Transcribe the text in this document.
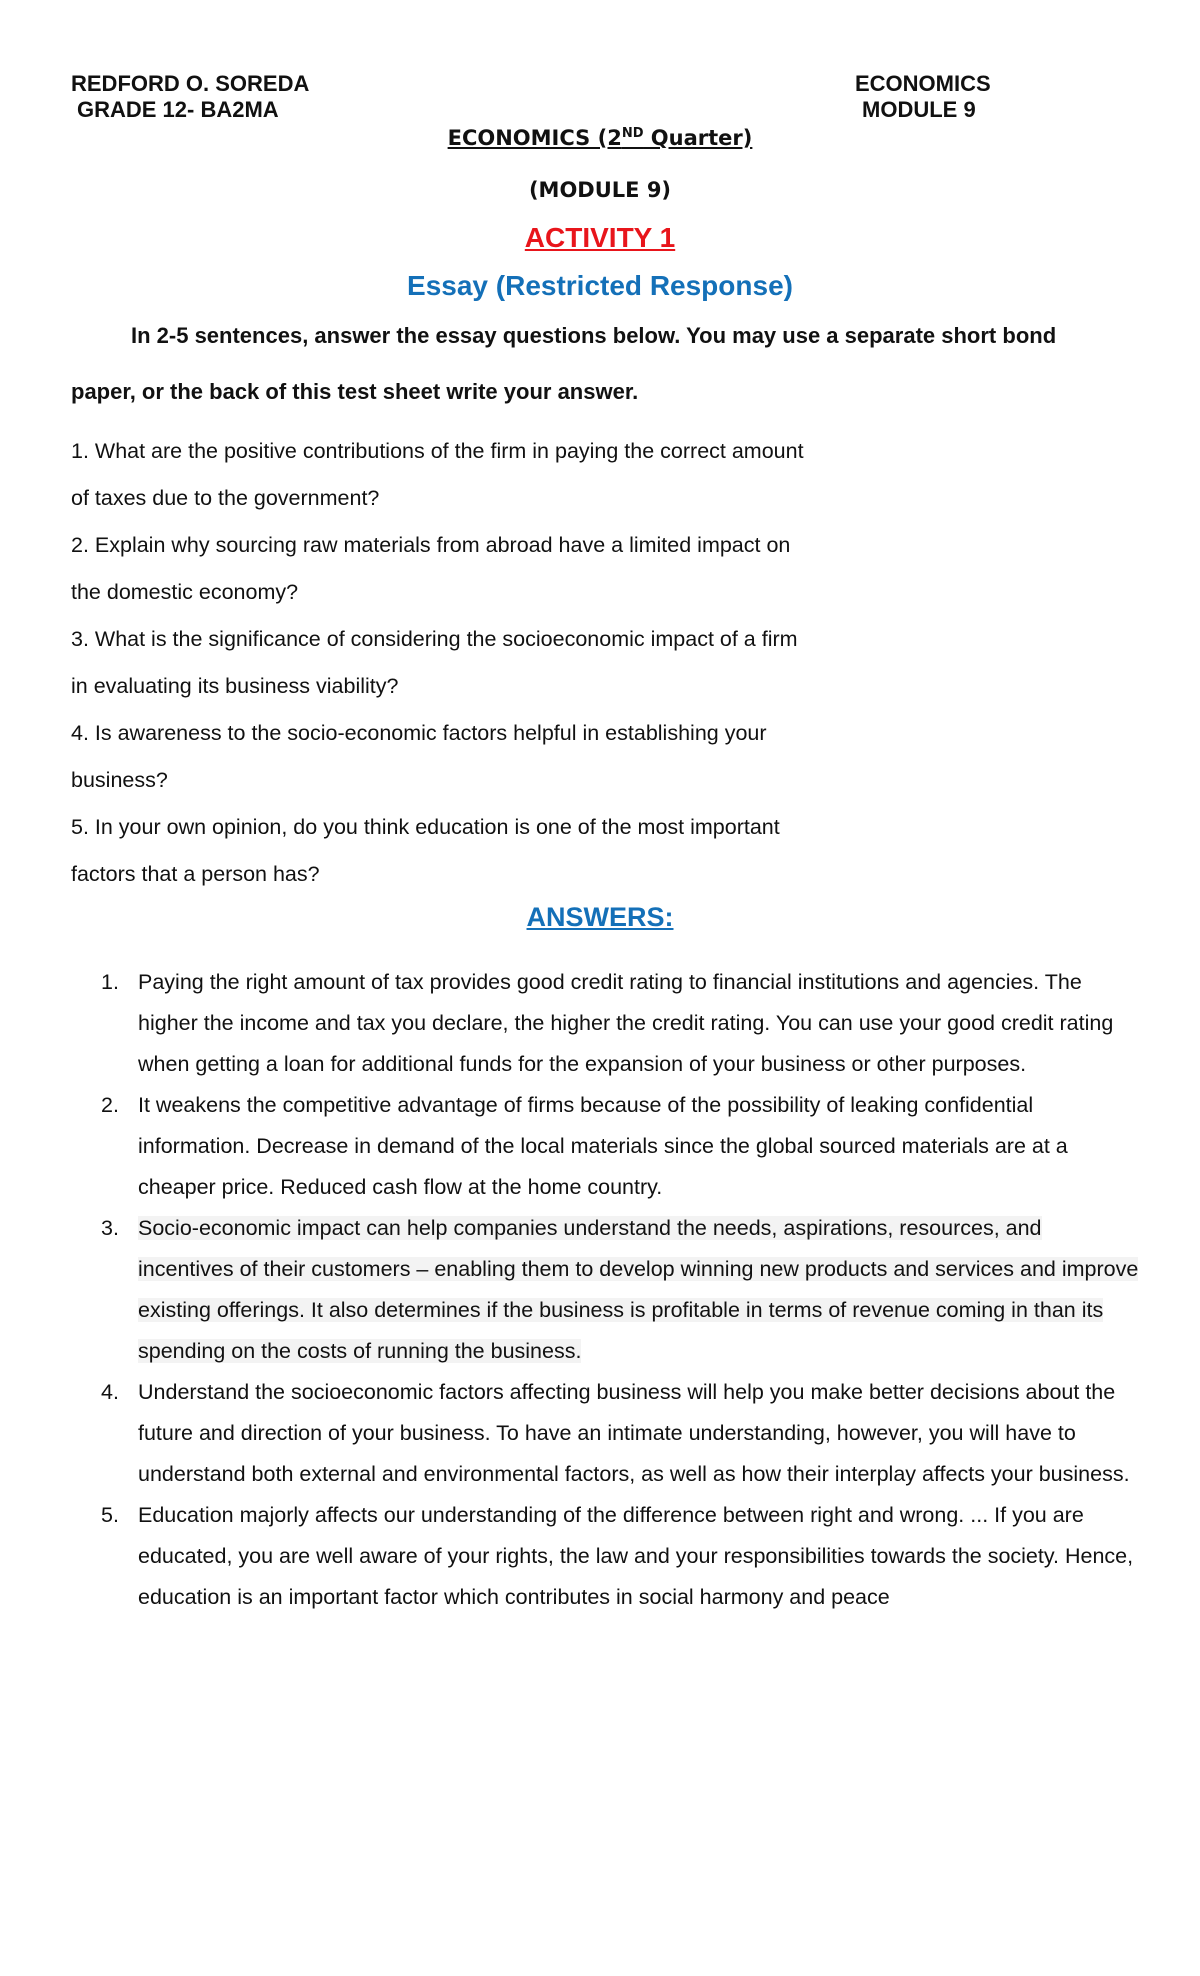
REDFORD O. SOREDA
GRADE 12- BA2MA
ECONOMICS
MODULE 9
ECONOMICS (2ND Quarter)
(MODULE 9)
ACTIVITY 1
Essay (Restricted Response)
In 2-5 sentences, answer the essay questions below. You may use a separate short bond
paper, or the back of this test sheet write your answer.
1. What are the positive contributions of the firm in paying the correct amount
of taxes due to the government?
2. Explain why sourcing raw materials from abroad have a limited impact on
the domestic economy?
3. What is the significance of considering the socioeconomic impact of a firm
in evaluating its business viability?
4. Is awareness to the socio-economic factors helpful in establishing your
business?
5. In your own opinion, do you think education is one of the most important
factors that a person has?
ANSWERS:
1. Paying the right amount of tax provides good credit rating to financial institutions and agencies. The higher the income and tax you declare, the higher the credit rating. You can use your good credit rating when getting a loan for additional funds for the expansion of your business or other purposes.
2. It weakens the competitive advantage of firms because of the possibility of leaking confidential information. Decrease in demand of the local materials since the global sourced materials are at a cheaper price. Reduced cash flow at the home country.
3. Socio-economic impact can help companies understand the needs, aspirations, resources, and incentives of their customers – enabling them to develop winning new products and services and improve existing offerings. It also determines if the business is profitable in terms of revenue coming in than its spending on the costs of running the business.
4. Understand the socioeconomic factors affecting business will help you make better decisions about the future and direction of your business. To have an intimate understanding, however, you will have to understand both external and environmental factors, as well as how their interplay affects your business.
5. Education majorly affects our understanding of the difference between right and wrong. ... If you are educated, you are well aware of your rights, the law and your responsibilities towards the society. Hence, education is an important factor which contributes in social harmony and peace
